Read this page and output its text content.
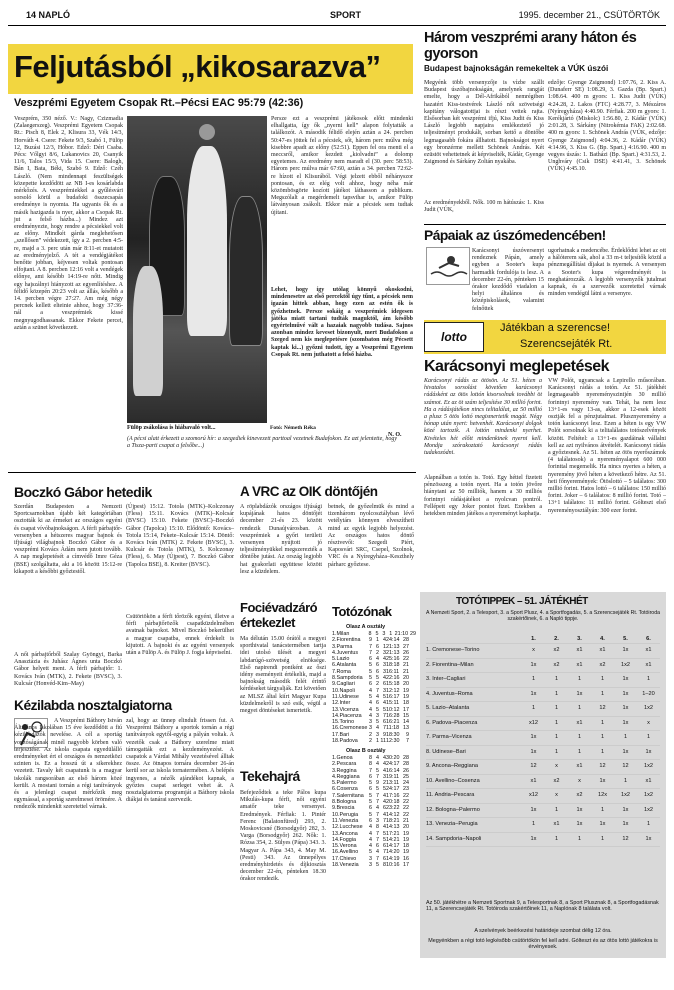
14 NAPLÓ	SPORT	1995. december 21., CSÜTÖRTÖK
Feljutásból „kikosarazva”
Veszprémi Egyetem Csopak Rt.–Pécsi EAC 95:79 (42:36)
Veszprém, 350 néző. V.: Nagy, Czizmadia (Zalaegerszeg). Veszprémi Egyetem Csopak Rt.: Pisch 8, Elek 2, Klisura 33, Vék 14/3, Horváth 4. Csere: Fekete 9/3, Szabó 1, Fülöp 12, Buzási 12/3, Hóbor. Edző: Déri Csaba. Pécs: Vőlgyi 8/6, Lukanovics 20, Csanyik 11/6, Talos 15/3, Vida 15. Csere: Balogh, Bán I, Bata, Béki, Szabó 9. Edző: Czéh László. (Nem mindennapi feszültségek közepette kezdődött az NB I-es kosárlabda mérkőzés. A veszprémiekkel a gyűlésvári sorsoló körül a budafoki összecsapás eredménye is nyomta. Ha ugyanis ők és a másik hazigazda is nyer, akkor a Csopak Rt. jut a felső házba...) Mindez azt eredményezte, hogy rendre a pécsiekkel volt az előny. Mindkét gárda meglehetősen „szellősen” védekezett, így a 2. percben 4:5-re, majd a 3. perc után már 8:11-et mutatott az eredményjelző. A tét a vendégjátékot benőtte jobban, kéjvesen voltak pontosan elfojtani. A 8. percben 12:16 volt a vendégek előnye, ami később 14:19-re nőtt. Mindig egy hajszálnyi hiányzott az egyenlítéshez. A félidő közepén 20:23 volt az állás, később a 14. percben végre 27:27. Am még négy percnek kellett elteinie ahhoz, hogy 37:36-nál a veszprémiek kissé megnyugodhassanak. Ekkor Fekete percei, aztán a szünet következett.
Fülöp zsákolása is hiábavaló volt...	Fotó: Németh Réka
(A pécsi alatt érkezett a szomorú hír: a szegediek kinevezett parttoal vezetnek Budafokon. Ez azt jelentette, hogy a Tisza-parti csapat a felsőbe...)
Persze ezt a veszprémi játékosok előtt mindenki elhallgatta, így ők „nyerni kell” alapon folytatták a találkozót. A második félidő elején aztán a 24. percben 50:47-es jöttek fel a pécsiek, sőt, három perc múlva még kisebbre apadt az előny (52:51). Eppen fel ora menti el a meccsről, amikor kezdett „kiolvadni” a dolomp egyetemes. Az eredmény nem maradt el (30. perc 58:53). Három perc múlva már 67:60, aztán a 34. percben 72:62-re hízott el Klisurából. Végi jelzett ebből néhányszor pontosan, és ez elég volt ahhoz, hogy néha már közömbösgörte kozíott játékot láthasson a publikum. Megszólalt a megérdemelt tapsvihar is, amikor Fülöp látványosan zsákolt. Ekkor már a pécsiek sem tudtak újítani.
Lehet, hogy így utólag könnyű okoskodni, mindenesetre az első percektől úgy tűnt, a pécsiek nem igazán hittek abban, hogy ezen az estén ők is győzhetnek. Persze sokáig a veszprémiek idegesen játéka miatt tartani tudták maguktól, ám később egyértelművé vált a hazaiak nagyobb tudása. Sajnos azonban mindez keveset bizonyult, mert Budafokon a Szeged nem kis meglepetésre (szombaton még Pécsett kaptak ki...) győzni tudott, így a Veszprémi Egyetem Csopak Rt. nem juthatott a felső házba.
N. O.
Három veszprémi arany háton és gyorson
Budapest bajnokságán remekeltek a VÚK úszói
Megyénk több versenyzője is vízbe szállt Budapest úszóbajnokságán, amelynek rangját emelte, hogy a Dél-Afrikából nemrégiben hazatért Kiss-testvérek László női szövetségi kapitány válogatottjai is részt vettek rajta. Elsősorban két veszprémi ifjú, Kiss Judit és Kiss László legjobb napjaira emlékeztető jó teljesítményt produkált, sorban kettő a döntőbe legmagasabb fokára állhatott. Bajnokságot nyert egy bronzérme mellett Schönek András. Két ezüstöt vehettetnek át képviselték, Kádár, Gyenge Zsigmond és Sárkány Zoltán nyakába.
Az eredményekből. Nők. 100 m hátúszás: 1. Kiss Judit (VÚK,
edzője: Gyenge Zsigmond) 1:07.76, 2. Kiss A. (Dunaferr SE) 1:08.29, 3. Gazda (Bp. Spart.) 1:08.64. 400 m gyors: 1. Kiss Judit (VÚK) 4:24.28, 2. Lakos (FTC) 4:28.77, 3. Mészáros (Nyíregyháza) 4:40.90. Férfiak. 200 m gyors: 1. Kerékjártó (Miskolc) 1:56.80, 2. Kádár (VÚK) 2:01.28, 3. Sárkány (Nitrokémia FAK) 2:02.68. 400 m gyors: 1. Schönek András (VÚK, edzője: Gyenge Zsigmond) 4:04.36, 2. Kádár (VÚK) 4:14.96, 3. Kiss G. (Bp. Spart.) 4:16.90. 400 m vegyes úszás: 1. Batházi (Bp. Spart.) 4:31.53, 2. Unghváry (Csik DSE) 4:41.41, 3. Schönek (VÚK) 4:45.10.
Pápaiak az úszómedencében!
Karácsonyi úszóversenyt rendeznek Pápán, amely egyben a Sooter's kupa harmadik fordulója is lesz. A december 22-én, pénteken 15 órakor kezdődő viadalon a helyi általános és középiskolások, valamint felnőttek
ugorhatnak a medencébe. Érdeklődni lehet az ott a hálóterem sák, ahol a 33 m-t teljesítők közül a pénzmegállítási díjakat is nyernek. A versenyen a Sooter's kupa végeredményét is meghatározzák. A legjobb versenyzők jutalmat kapnak, és a szervezők szeretettel várnak minden vendégül látni a versenyre.
lotto
Játékban a szerencse!
Szerencsejáték Rt.
Karácsonyi meglepetések
Karácsonyi rádás az ötösön. Az 51. héten a hivatalos sorsolást követően karácsonyi rádásként az ötös lottón kisorsolnak további öt számot. Ez az öt szám teljesítése 30 millió forint. Ha a rádásjátékon nincs telitalálat, az 50 millió a plusz 5 ötös lottó megismertetik magát. Négy hónap után nyert: hetvenhét. Karácsonyi dolgok közé tartozik. A lottón mindenki nyerhet. Kivételes hét előtt mindenkinek nyerni kell. Mondja szórakoztató karácsonyi rádás tudakozódni.
Alapnálban a totón is. Totó. Egy héttel fizetett pénzösszeg a totón nyert. Ha a totón jövőre hiánytani az 50 milliók, hanem a 30 milliós forintnyi rádásjátékot a nyolcvan pontról. Fellépett egy Joker pontot fizet. Ezekben a hetekben minden játékos a nyereményt kaphatja.
VW Polót, ugyancsak a Lepirello műsorában. Karácsonyi rádás a totón. Az 51. játékhét legmagasabb nyereményszintjén 30 millió forintnyi nyeremény van. Tehát, ha nem lesz 13+1-es vagy 13-as, akkor a 12-esek közöt osztják fel a pénzjutalmat. Plusznyeremény a totón karácsonyi lesz. Ezen a héten is egy VW Polót sorsolnak ki a telitalálatos totószelvények között. Feltétel: a 13+1-es gazdáinak vállalni kell az azt nyilvános átvételét. Karácsonyi rádás a győztesnek. Az 51. héten az ötös nyerőszámok (4 találatosok) a nyereményalapot 600 000 forinttal megemelik. Ha nincs nyertes a héten, a nyeremény jövő héten a következő hétre. Az 51. heti főnyeremények: Ötöslottó – 5 találatos: 300 millió forint. Hatos lottó – 6 találatos: 150 millió forint. Joker – 6 találatos: 8 millió forint. Totó – 13+1 találatos: 11 millió forint. Gólteszt első nyereményosztályán: 300 ezer forint.
Boczkó Gábor hetedik
Szerdán Budapesten a Nemzeti Sportcsarnokban újabb két kategóriában osztották ki az érmeket az országos egyéni és csapat vívóbajnokságon. A férfi párbajtőr-versenyben a hétszeres magyar bajnok és ifjúsági világbajnok Boczkó Gábor és a veszprémi Kovács Ádám nem jutott tovább. A nap meglepetését a címvédő Imre Géza (BSE) szolgáltatta, aki a 16 között 15:12-re kikapott a későbbi győztestől.
A női párbajtőrből Szalay Gyöngyi, Barka Anasztázia és Juhász Ágnes unta Boczkó Gábor helyett ment. A férfi párbajtőr: 1. Kovács Iván (MTK), 2. Fekete (BVSC), 3. Kulcsár (Honvéd-Kim–May)
(Újpest) 15:12. Totola (MTK)–Kolczonay (Fless) 15:11. Kovács (MTK)–Kolcsár (BVSC) 15:10. Fekete (BVSC)–Boczkó Gábor (Tapolca) 15:10. Elődöntő: Kovács–Totola 15:14, Fekete–Kulcsár 15:14. Döntő: Kovács Iván (MTK) 2. Fekete (BVSC), 3. Kulcsár és Totola (MTK), 5. Kolczonay (Fless), 6. May (Újpest), 7. Boczkó Gábor (Tapolca BSE), 8. Kreiter (BVSC).
Csütörtökön a férfi tőrözők egyéni, illetve a férfi párbajtőrözők csapatküzdelmében avatnak bajnokot. Mivel Boczkó bekerülhet a magyar csapatba, ennek érdekelt is kijutott. A bajnoki és az egyéni versenyek után a Fülöp A. és Fülöp J. fogja képviselni.
A VRC az OIK döntőjén
A röplabdázók országos ifjúsági kupájának hatos döntőjét december 21-és 23. között rendezik Dunaújvárosban. A veszprémiek a győri területi versenyen nyújtott jó teljesítményükkel megszerezték a döntőbe jutást. Az ország legjobb hat gyakorlati együttese között lesz a küzdelem.
betnek, de győzelmük és mind a tizenhárom nyolcosztályban lévő vetélytárs könnyen elveszítheti mind az egyik legjobb helyezést. Az országos hatos döntő résztvevői: Szegedi Piért, Kaposvári SRC, Csepel, Szolnok, VRC és a Nyíregyháza–Keszthely párharc győztese.
Fociévadzáró értekezlet
Ma délután 15.00 órától a megyei sporthivatal tanácstermében tartja idei utolsó ülését a megyei labdarúgó-szövetség elnöksége. Első napirendi pontként az őszi idény eseményeit értékelik, majd a bajnokság második felét érintő kérdéseket tárgyalják. Ezt követően az MLSZ által kiírt Magyar Kupa küzdelmekről is szó esik, végül a megyei döntéseket ismertetik.
Tekehajrá
Befejeződtek a teke Pálos kupa Mikulás-kupa férfi, női egyéni amatőr teke versenyei. Eredmények. Férfiak: 1. Pintér Ferenc (Balatonfüred) 293, 2. Moskovicsné (Borsodgyőr) 282, 3. Varga (Borsodgyőr) 262. Nők: 1. Rózsa 354, 2. Sülyes (Pápa) 343. 3. Magyar A. Pápa 343, 4. May M. (Pesti) 343. Az ünnepélyes eredményhirdetés és díjkiosztás december 22-én, pénteken 18.30 órakor rendezik.
Totózónak
Olasz A osztály
1.Milan	8 5 3 1 21:10 29
2.Fiorentina	9 1 4 24:14 28
3.Parma	7 6 1 21:13 27
4.Juventus	7 2 3 21:13 26
5.Lazio	6 4 4 25:16 22
6.Atalanta	5 6 3 18:18 21
7.Roma	5 6 3 16:11 21
8.Sampdoria	5 5 4 22:16 20
9.Cagliari	6 2 6 15:18 20
10.Napoli	4 7 3 12:12 19
11.Udinese	5 4 5 16:17 19
12.Inter	4 6 4 15:11 18
13.Vicenza	4 5 5 10:12 17
14.Piacenza	4 3 7 16:28 15
15.Torino	3 5 6 16:21 14
16.Cremonese 3 4 7 11:18 13
17.Bari	2 3 9 18:30	9
18.Padova	2 1 11 12:30	7
Olasz B osztály
1.Genoa	8 4 4 30:20 28
2.Pescara	8 4 4 24:17 28
3.Reggina	7 5 4 16:14 26
4.Reggiana	6 7 3 19:11 25
5.Palermo	5 9 2 13:11 24
6.Cosenza	6 5 5 24:17 23
7.Salernitana 5 7 4 17:16 22
8.Bologna	5 7 4 20:18 22
9.Brescia	6 4 6 23:22 22
10.Perugia	5 7 4 14:12 22
11.Venezia	6 3 7 18:21 21
12.Lucchese	4 8 4 14:13 20
13.Ancona	4 7 5 17:21 19
14.Foggia	4 7 5 14:21 19
15.Verona	4 6 6 14:17 18
16.Avellino	5 4 7 14:20 19
17.Chievo	3 7 6 14:19 16
18.Venezia	3 5 8 10:16 17
Kézilabda nosztalgiatorna
A Veszprémi Báthory István Általános Iskolában 15 éve kezdődött a fiú kézilabdázók nevelése. A cél a sportág vonzóságának minél nagyobb körben való terjesztése. Az iskola csapata egyedülálló eredményeket ért el országos és nemzetközi szinten is. Ez a hosszú út a sikerekhez vezetett. Tavaly két csapatunk is a magyar iskolák rangsorában az első három közé került. A mostani tornán a régi tanítványok és a jelenlegi csapat mérkőzik meg egymással, a sportág szerelmesei örömére. A rendezők mindenkit szeretettel várnak.
zal, hogy az ünnep elindult frissen fut. A Veszprémi Báthory a sportok tornán a régi tanítványok egytől-egyig a pályán voltak. A vezetők csak a Báthory szerelme miatt támogatták ezt a kezdeményezést. A csapatok a Várdai Mihály vezetésével álltak össze. Az ötnapos tornára december 26-án kerül sor az iskola tornatermében. A belépés ingyenes, a nézők ajándékot kapnak, a győztes csapat serleget vehet át. A nosztalgiatorna programját a Báthory iskola diákjai és tanárai szervezik.
TOTÓTIPPEK – 51. JÁTÉKHÉT
A Nemzeti Sport, 2. a Telesport, 3. a Sport Plusz, 4. a Sportfogadás, 5. a Szerencsejáték Rt. Totóiroda szakértőinek, 6. a Napló tippje.
1.	2.	3.	4.	5.	6.
1. Cremonese–Torino	x	x2	x1	x1	1x	x1
2. Fiorentina–Milan	1x	x2	x1	x2	1x2	x1
3. Inter–Cagliari	1	1	1	1	1x	1
4. Juventus–Roma	1x	1	1x	1	1x	1–20
5. Lazio–Atalanta	1	1	1	12	1x	1x2
6. Padova–Piacenza	x12	1	x1	1	1x	x
7. Parma–Vicenza	1x	1	1	1	1	1
8. Udinese–Bari	1x	1	1	1	1x	1x
9. Ancona–Reggiana	12	x	x1	12	12	1x2
10. Avellino–Cosenza	x1	x2	x	1x	1	x1
11. Andria–Pescara	x12	x	x2	12x	1x2	1x2
12. Bologna–Palermo	1x	1	1x	1	1x	1x2
13. Venezia–Perugia	1	x1	1x	1x	1x	1
14. Sampdoria–Napoli	1x	1	1	1	12	1x
Az 50. játékhétre a Nemzeti Sportnak 9, a Telesportnak 8, a Sport Plusznak 8, a Sportfogadásnak 11, a Szerencsejáték Rt. Totóiroda szakértőinek 11, a Naplónak 8 találata volt.
A szelvények beérkezési határideje szombat délig 12 óra.
Megyénkben a régi totó legkésőbb csütörtökön fel kell adni. Gólteszt és az ötös lottó játékokra is érvényesek.
